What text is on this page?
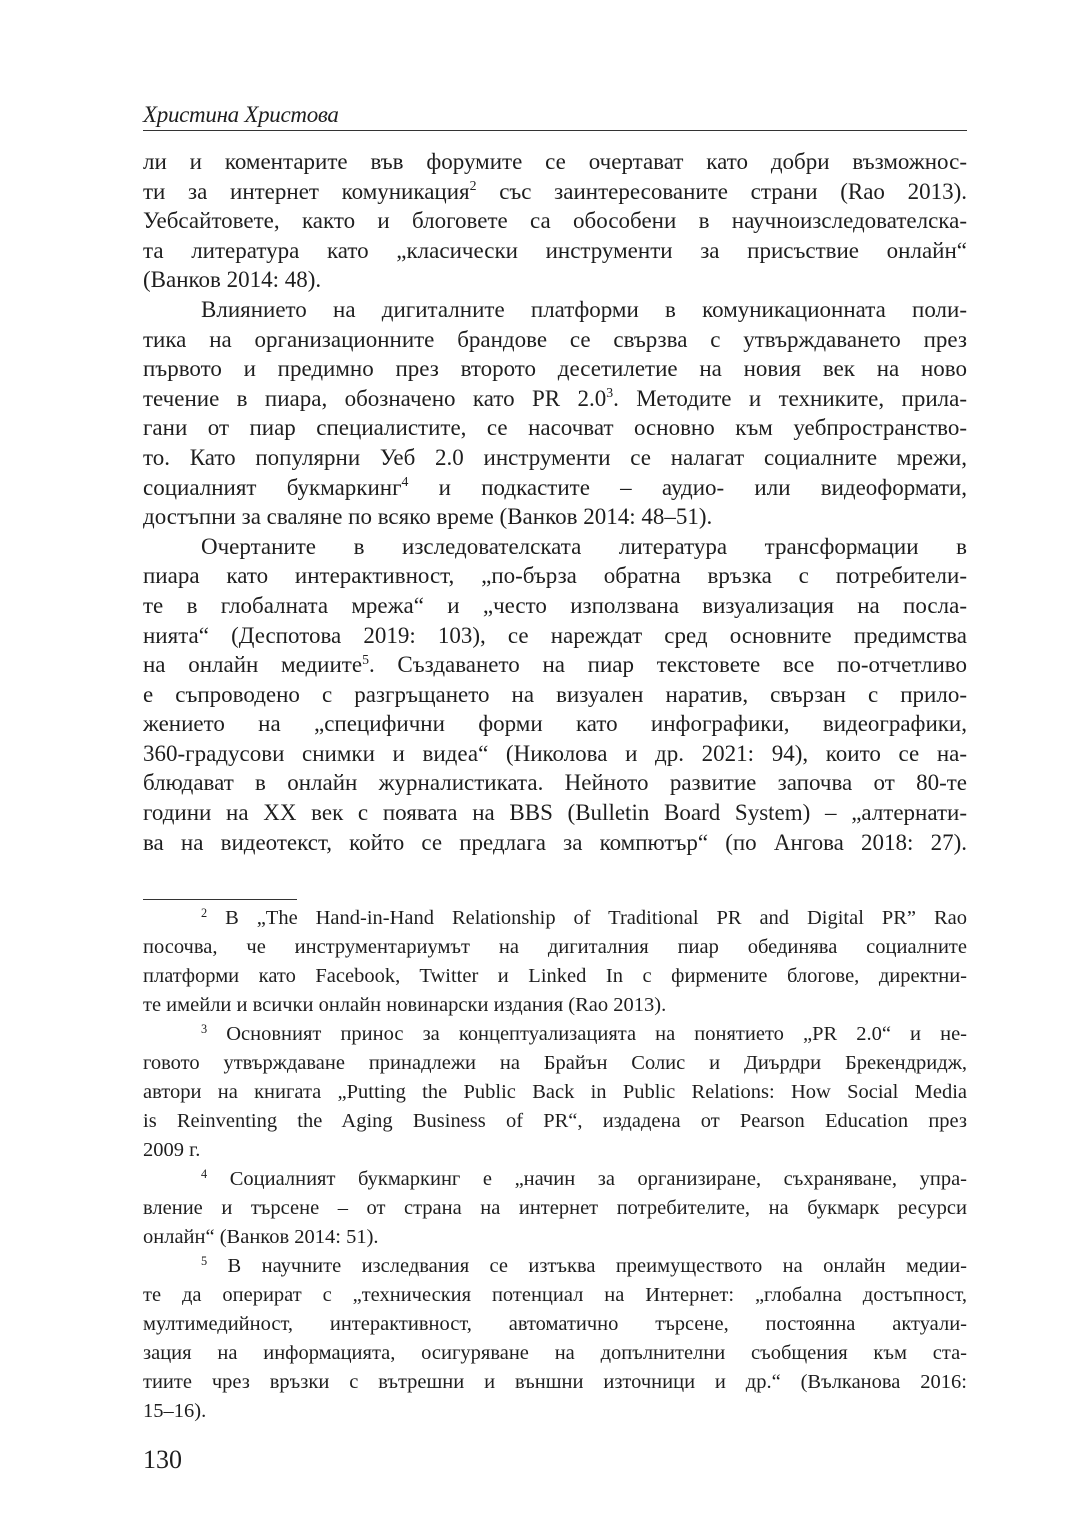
Христина Христова
ли и коментарите във форумите се очертават като добри възможнос-
ти за интернет комуникация$^2$ със заинтересованите страни (Rao 2013).
Уебсайтовете, както и блоговете са обособени в научноизследователска-
та литература като „класически инструменти за присъствие онлайн“
(Ванков 2014: 48).
Влиянието на дигиталните платформи в комуникационната поли-
тика на организационните брандове се свързва с утвърждаването през
първото и предимно през второто десетилетие на новия век на ново
течение в пиара, обозначено като PR $2.0^3$. Методите и техниките, прила-
гани от пиар специалистите, се насочват основно към уебпространство-
то. Като популярни Уеб 2.0 инструменти се налагат социалните мрежи,
социалният букмаркинг$^4$ и подкастите – аудио- или видеоформати,
достъпни за сваляне по всяко време (Ванков 2014: 48–51).
Очертаните в изследователската литература трансформации в
пиара като интерактивност, „по-бърза обратна връзка с потребители-
те в глобалната мрежа“ и „често използвана визуализация на посла-
нията“ (Деспотова 2019: 103), се нареждат сред основните предимства
на онлайн медиите$^5$. Създаването на пиар текстовете все по-отчетливо
е съпроводено с разгръщането на визуален наратив, свързан с прило-
жението на „специфични форми като инфографики, видеографики,
360-градусови снимки и видеа“ (Николова и др. 2021: 94), които се на-
блюдават в онлайн журналистиката. Нейното развитие започва от 80-те
години на XX век с появата на BBS (Bulletin Board System) – „алтернати-
ва на видеотекст, който се предлага за компютър“ (по Ангова 2018: 27).
$^2$ В „The Hand-in-Hand Relationship of Traditional PR and Digital PR” Rao
посочва, че инструментариумът на дигиталния пиар обединява социалните
платформи като Facebook, Twitter и Linked In с фирмените блогове, директни-
те имейли и всички онлайн новинарски издания (Rao 2013).
$^3$ Основният принос за концептуализацията на понятието „PR 2.0“ и не-
говото утвърждаване принадлежи на Брайън Солис и Диърдри Брекендридж,
автори на книгата „Putting the Public Back in Public Relations: How Social Media
is Reinventing the Aging Business of PR“, издадена от Pearson Education през
2009 г.
$^4$ Социалният букмаркинг е „начин за организиране, съхраняване, упра-
вление и търсене – от страна на интернет потребителите, на букмарк ресурси
онлайн“ (Ванков 2014: 51).
$^5$ В научните изследвания се изтъква преимуществото на онлайн медии-
те да оперират с „техническия потенциал на Интернет: „глобална достъпност,
мултимедийност, интерактивност, автоматично търсене, постоянна актуали-
зация на информацията, осигуряване на допълнителни съобщения към ста-
тиите чрез връзки с вътрешни и външни източници и др.“ (Вълканова 2016:
15–16).
130
